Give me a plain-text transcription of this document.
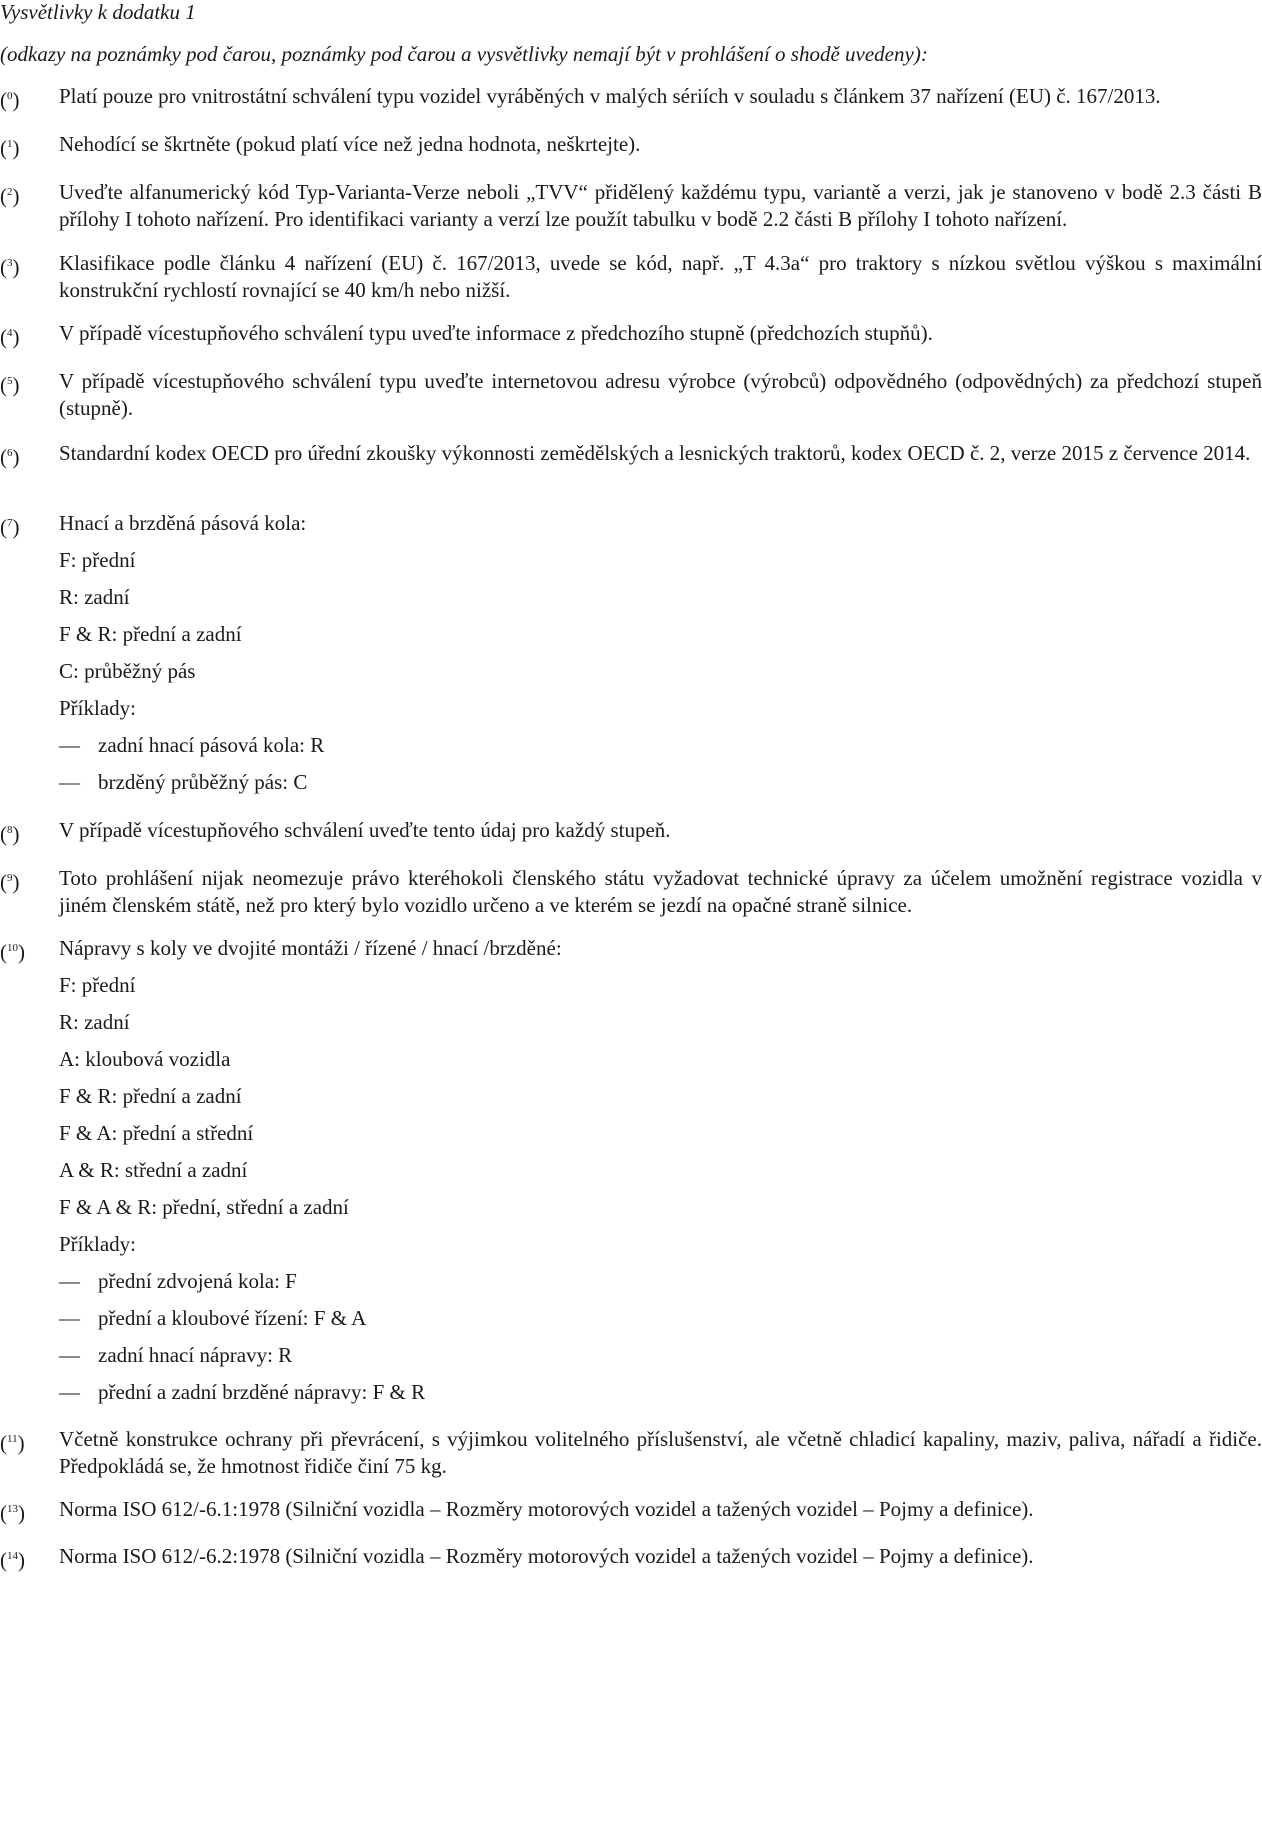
Vysvětlivky k dodatku 1
(odkazy na poznámky pod čarou, poznámky pod čarou a vysvětlivky nemají být v prohlášení o shodě uvedeny):
($^0$) Platí pouze pro vnitrostátní schválení typu vozidel vyráběných v malých sériích v souladu s článkem 37 nařízení (EU) č. 167/2013.
($^1$) Nehodící se škrtněte (pokud platí více než jedna hodnota, neškrtejte).
($^2$) Uveďte alfanumerický kód Typ-Varianta-Verze neboli „TVV“ přidělený každému typu, variantě a verzi, jak je stanoveno v bodě 2.3 části B přílohy I tohoto nařízení. Pro identifikaci varianty a verzí lze použít tabulku v bodě 2.2 části B přílohy I tohoto nařízení.
($^3$) Klasifikace podle článku 4 nařízení (EU) č. 167/2013, uvede se kód, např. „T 4.3a“ pro traktory s nízkou světlou výškou s maximální konstrukční rychlostí rovnající se 40 km/h nebo nižší.
($^4$) V případě vícestupňového schválení typu uveďte informace z předchozího stupně (předchozích stupňů).
($^5$) V případě vícestupňového schválení typu uveďte internetovou adresu výrobce (výrobců) odpovědného (odpovědných) za předchozí stupeň (stupně).
($^6$) Standardní kodex OECD pro úřední zkoušky výkonnosti zemědělských a lesnických traktorů, kodex OECD č. 2, verze 2015 z července 2014.
($^7$) Hnací a brzděná pásová kola:
F: přední
R: zadní
F & R: přední a zadní
C: průběžný pás
Příklady:
— zadní hnací pásová kola: R
— brzděný průběžný pás: C
($^8$) V případě vícestupňového schválení uveďte tento údaj pro každý stupeň.
($^9$) Toto prohlášení nijak neomezuje právo kteréhokoli členského státu vyžadovat technické úpravy za účelem umožnění registrace vozidla v jiném členském státě, než pro který bylo vozidlo určeno a ve kterém se jezdí na opačné straně silnice.
($^{10}$) Nápravy s koly ve dvojité montáži / řízené / hnací /brzděné:
F: přední
R: zadní
A: kloubová vozidla
F & R: přední a zadní
F & A: přední a střední
A & R: střední a zadní
F & A & R: přední, střední a zadní
Příklady:
— přední zdvojená kola: F
— přední a kloubové řízení: F & A
— zadní hnací nápravy: R
— přední a zadní brzděné nápravy: F & R
($^{11}$) Včetně konstrukce ochrany při převrácení, s výjimkou volitelného příslušenství, ale včetně chladicí kapaliny, maziv, paliva, nářadí a řidiče. Předpokládá se, že hmotnost řidiče činí 75 kg.
($^{13}$) Norma ISO 612/-6.1:1978 (Silniční vozidla – Rozměry motorových vozidel a tažených vozidel – Pojmy a definice).
($^{14}$) Norma ISO 612/-6.2:1978 (Silniční vozidla – Rozměry motorových vozidel a tažených vozidel – Pojmy a definice).
